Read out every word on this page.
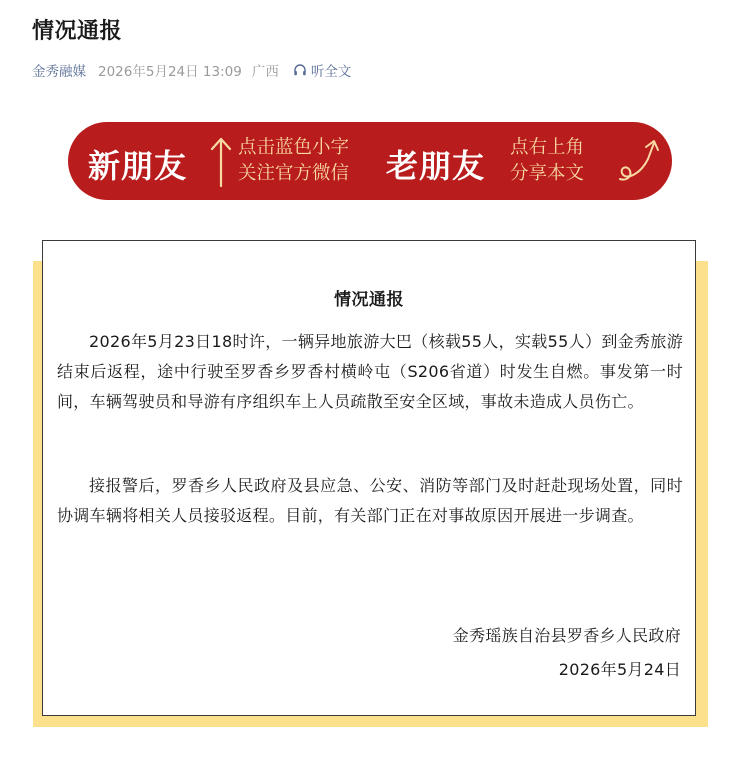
情况通报
金秀融媒 2026年5月24日 13:09 广西 听全文
新朋友	点击蓝色小字
关注官方微信 老朋友 点右上角
分享本文
情况通报
2026年5月23日18时许，一辆异地旅游大巴（核载55人，实载55人）到金秀旅游结束后返程，途中行驶至罗香乡罗香村横岭屯（S206省道）时发生自燃。事发第一时间，车辆驾驶员和导游有序组织车上人员疏散至安全区域，事故未造成人员伤亡。
接报警后，罗香乡人民政府及县应急、公安、消防等部门及时赶赴现场处置，同时协调车辆将相关人员接驳返程。目前，有关部门正在对事故原因开展进一步调查。
金秀瑶族自治县罗香乡人民政府
2026年5月24日
